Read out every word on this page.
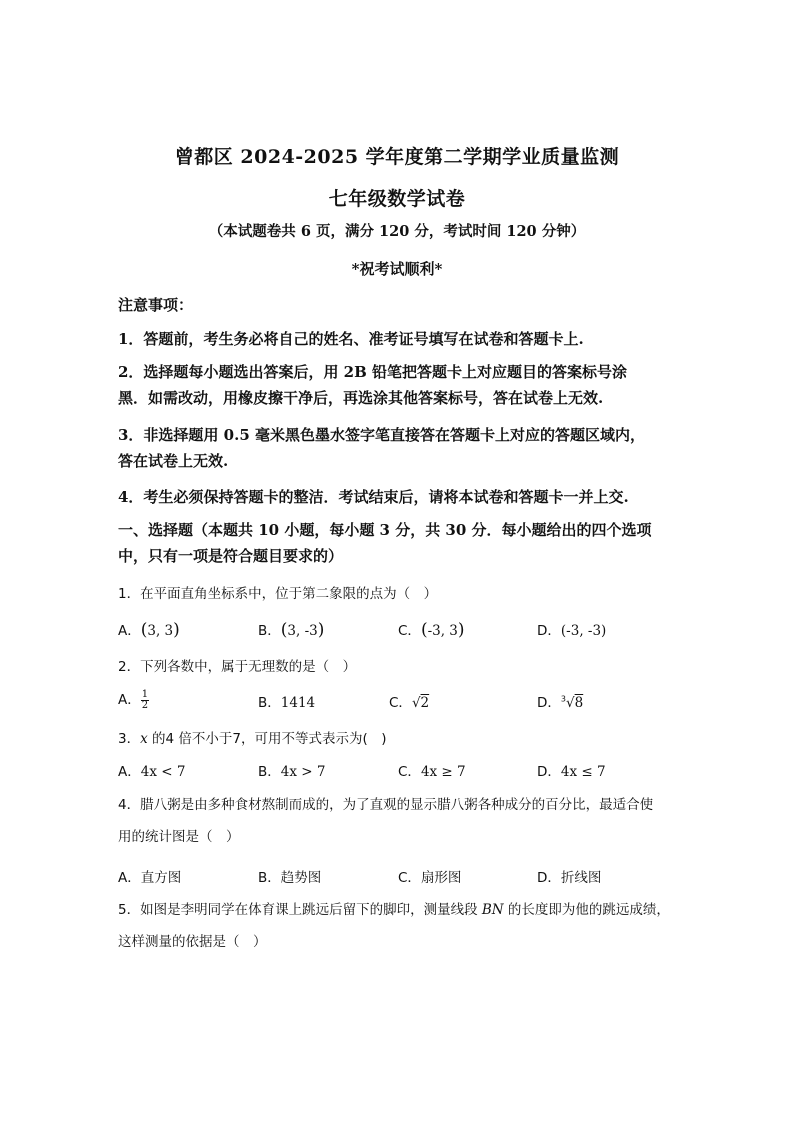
曾都区 2024-2025 学年度第二学期学业质量监测
七年级数学试卷
（本试题卷共 6 页，满分 120 分，考试时间 120 分钟）
*祝考试顺利*
注意事项：
1．答题前，考生务必将自己的姓名、准考证号填写在试卷和答题卡上.
2．选择题每小题选出答案后，用 2B 铅笔把答题卡上对应题目的答案标号涂
黑．如需改动，用橡皮擦干净后，再选涂其他答案标号，答在试卷上无效.
3．非选择题用 0.5 毫米黑色墨水签字笔直接答在答题卡上对应的答题区域内，
答在试卷上无效.
4．考生必须保持答题卡的整洁．考试结束后，请将本试卷和答题卡一并上交.
一、选择题（本题共 10 小题，每小题 3 分，共 30 分．每小题给出的四个选项
中，只有一项是符合题目要求的）
1．在平面直角坐标系中，位于第二象限的点为（　）
A．(3, 3)	B．(3, -3)	C．(-3, 3)	D．(-3, -3)
2．下列各数中，属于无理数的是（　）
A． $\frac{1}{2}$	B．1414	C．√2	D．$^3$√8
3．x 的4 倍不小于7，可用不等式表示为(　)
A．4x < 7	B．4x > 7	C．4x ≥ 7	D．4x ≤ 7
4．腊八粥是由多种食材熬制而成的，为了直观的显示腊八粥各种成分的百分比，最适合使
用的统计图是（　）
A．直方图	B．趋势图	C．扇形图	D．折线图
5．如图是李明同学在体育课上跳远后留下的脚印，测量线段 BN 的长度即为他的跳远成绩，
这样测量的依据是（　）
